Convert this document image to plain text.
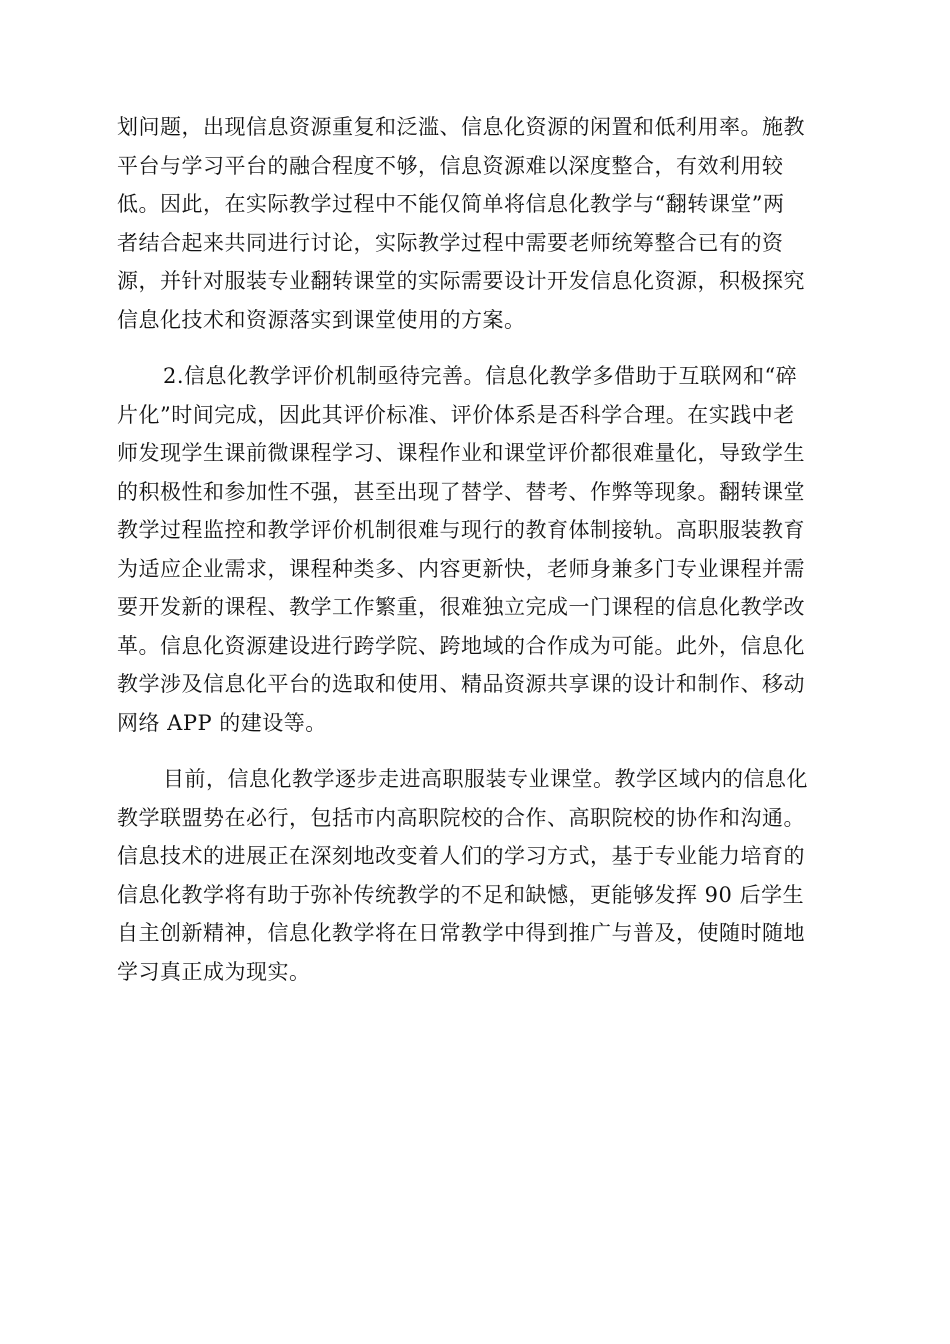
划问题，出现信息资源重复和泛滥、信息化资源的闲置和低利用率。施教
平台与学习平台的融合程度不够，信息资源难以深度整合，有效利用较
低。因此，在实际教学过程中不能仅简单将信息化教学与“翻转课堂”两
者结合起来共同进行讨论，实际教学过程中需要老师统筹整合已有的资
源，并针对服装专业翻转课堂的实际需要设计开发信息化资源，积极探究
信息化技术和资源落实到课堂使用的方案。

2.信息化教学评价机制亟待完善。信息化教学多借助于互联网和“碎
片化”时间完成，因此其评价标准、评价体系是否科学合理。在实践中老
师发现学生课前微课程学习、课程作业和课堂评价都很难量化，导致学生
的积极性和参加性不强，甚至出现了替学、替考、作弊等现象。翻转课堂
教学过程监控和教学评价机制很难与现行的教育体制接轨。高职服装教育
为适应企业需求，课程种类多、内容更新快，老师身兼多门专业课程并需
要开发新的课程、教学工作繁重，很难独立完成一门课程的信息化教学改
革。信息化资源建设进行跨学院、跨地域的合作成为可能。此外，信息化
教学涉及信息化平台的选取和使用、精品资源共享课的设计和制作、移动
网络 APP 的建设等。

目前，信息化教学逐步走进高职服装专业课堂。教学区域内的信息化
教学联盟势在必行，包括市内高职院校的合作、高职院校的协作和沟通。
信息技术的进展正在深刻地改变着人们的学习方式，基于专业能力培育的
信息化教学将有助于弥补传统教学的不足和缺憾，更能够发挥 90 后学生
自主创新精神，信息化教学将在日常教学中得到推广与普及，使随时随地
学习真正成为现实。
